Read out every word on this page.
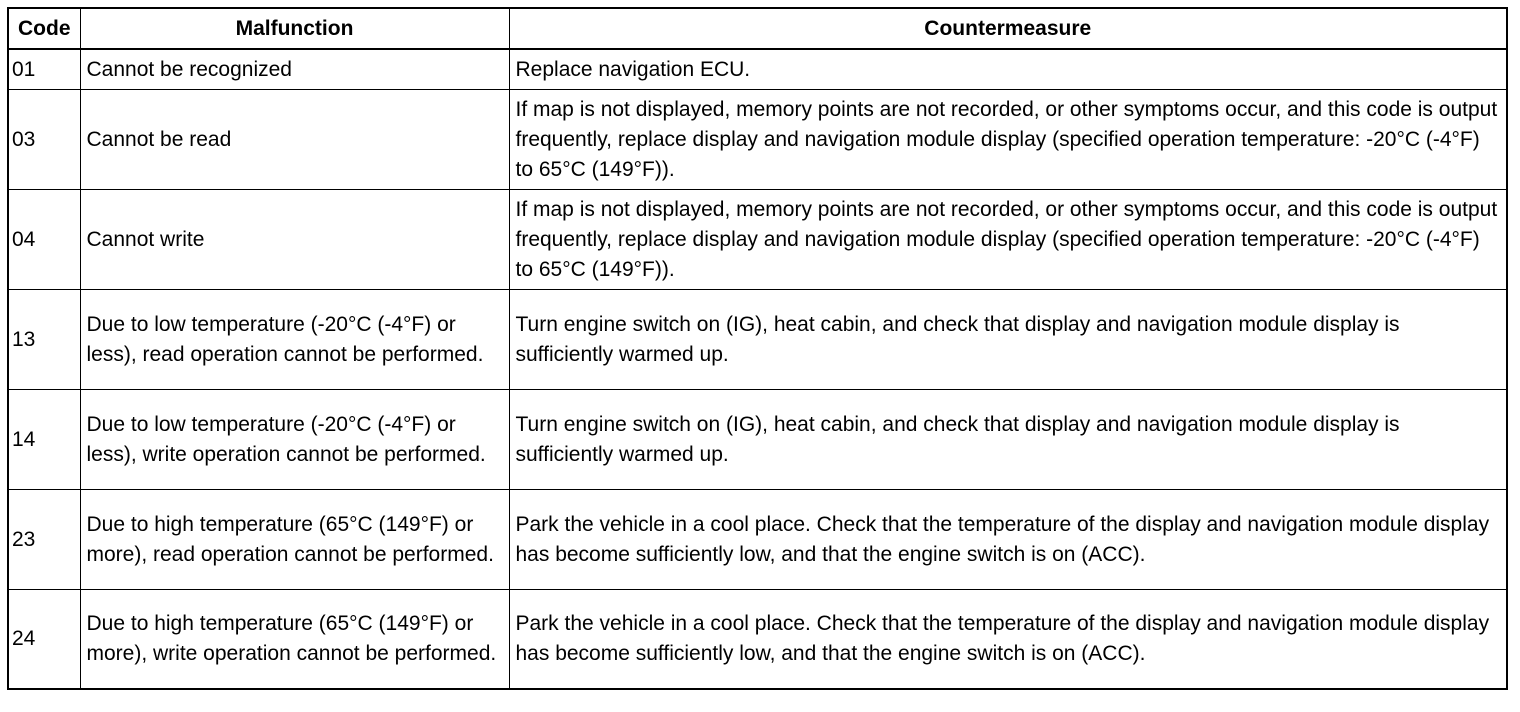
Code	Malfunction	Countermeasure
01	Cannot be recognized	Replace navigation ECU.
03	Cannot be read	If map is not displayed, memory points are not recorded, or other symptoms occur, and this code is output frequently, replace display and navigation module display (specified operation temperature: -20°C (-4°F) to 65°C (149°F)).
04	Cannot write	If map is not displayed, memory points are not recorded, or other symptoms occur, and this code is output frequently, replace display and navigation module display (specified operation temperature: -20°C (-4°F) to 65°C (149°F)).
13	Due to low temperature (-20°C (-4°F) or less), read operation cannot be performed.	Turn engine switch on (IG), heat cabin, and check that display and navigation module display is sufficiently warmed up.
14	Due to low temperature (-20°C (-4°F) or less), write operation cannot be performed.	Turn engine switch on (IG), heat cabin, and check that display and navigation module display is sufficiently warmed up.
23	Due to high temperature (65°C (149°F) or more), read operation cannot be performed.	Park the vehicle in a cool place. Check that the temperature of the display and navigation module display has become sufficiently low, and that the engine switch is on (ACC).
24	Due to high temperature (65°C (149°F) or more), write operation cannot be performed.	Park the vehicle in a cool place. Check that the temperature of the display and navigation module display has become sufficiently low, and that the engine switch is on (ACC).
